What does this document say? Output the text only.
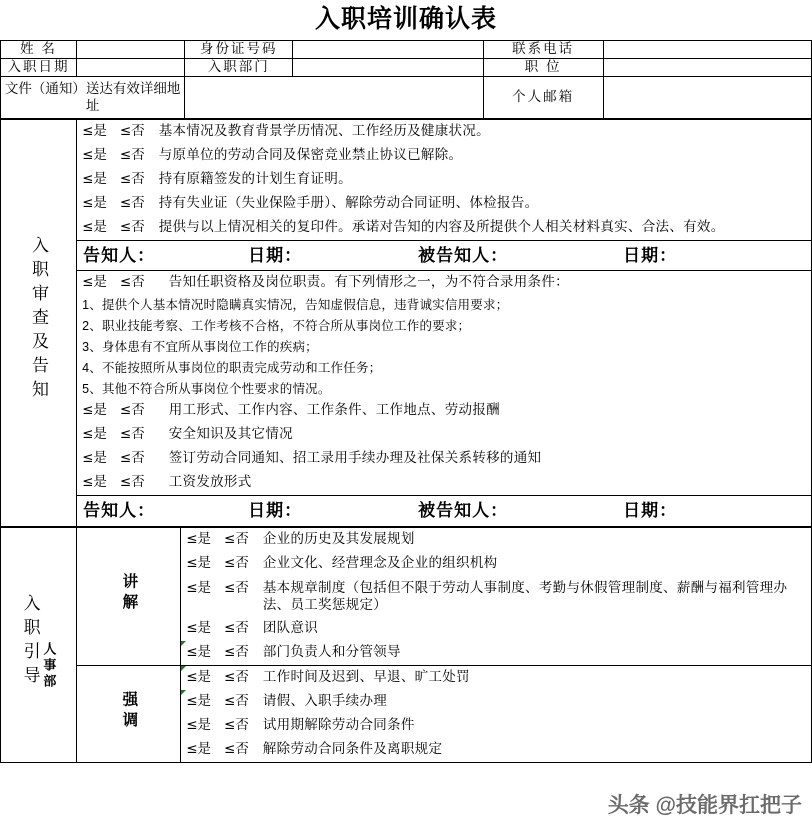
入职培训确认表
姓 名		身份证号码		联系电话	
入职日期		入职部门		职 位	
文件（通知）送达有效详细地址				个人邮箱	
入职审查及告知	
≤是 ≤否 基本情况及教育背景学历情况、工作经历及健康状况。
≤是 ≤否 与原单位的劳动合同及保密竞业禁止协议已解除。
≤是 ≤否 持有原籍签发的计划生育证明。
≤是 ≤否 持有失业证（失业保险手册）、解除劳动合同证明、体检报告。
≤是 ≤否 提供与以上情况相关的复印件。承诺对告知的内容及所提供个人相关材料真实、合法、有效。

告知人：	日期：	被告知人：	日期：

≤是 ≤否 告知任职资格及岗位职责。有下列情形之一，为不符合录用条件：
1、提供个人基本情况时隐瞒真实情况，告知虚假信息，违背诚实信用要求；
2、职业技能考察、工作考核不合格，不符合所从事岗位工作的要求；
3、身体患有不宜所从事岗位工作的疾病；
4、不能按照所从事岗位的职责完成劳动和工作任务；
5、其他不符合所从事岗位个性要求的情况。
≤是 ≤否 用工形式、工作内容、工作条件、工作地点、劳动报酬
≤是 ≤否 安全知识及其它情况
≤是 ≤否 签订劳动合同通知、招工录用手续办理及社保关系转移的通知
≤是 ≤否 工资发放形式

告知人：	日期：	被告知人：	日期：
入职引导 人事部	讲解	
≤是 ≤否 企业的历史及其发展规划
≤是 ≤否 企业文化、经营理念及企业的组织机构
≤是 ≤否 基本规章制度（包括但不限于劳动人事制度、考勤与休假管理制度、薪酬与福利管理办法、员工奖惩规定）
≤是 ≤否 团队意识
≤是 ≤否 部门负责人和分管领导

强调	
≤是 ≤否 工作时间及迟到、早退、旷工处罚
≤是 ≤否 请假、入职手续办理
≤是 ≤否 试用期解除劳动合同条件
≤是 ≤否 解除劳动合同条件及离职规定
头条 @技能界扛把子
